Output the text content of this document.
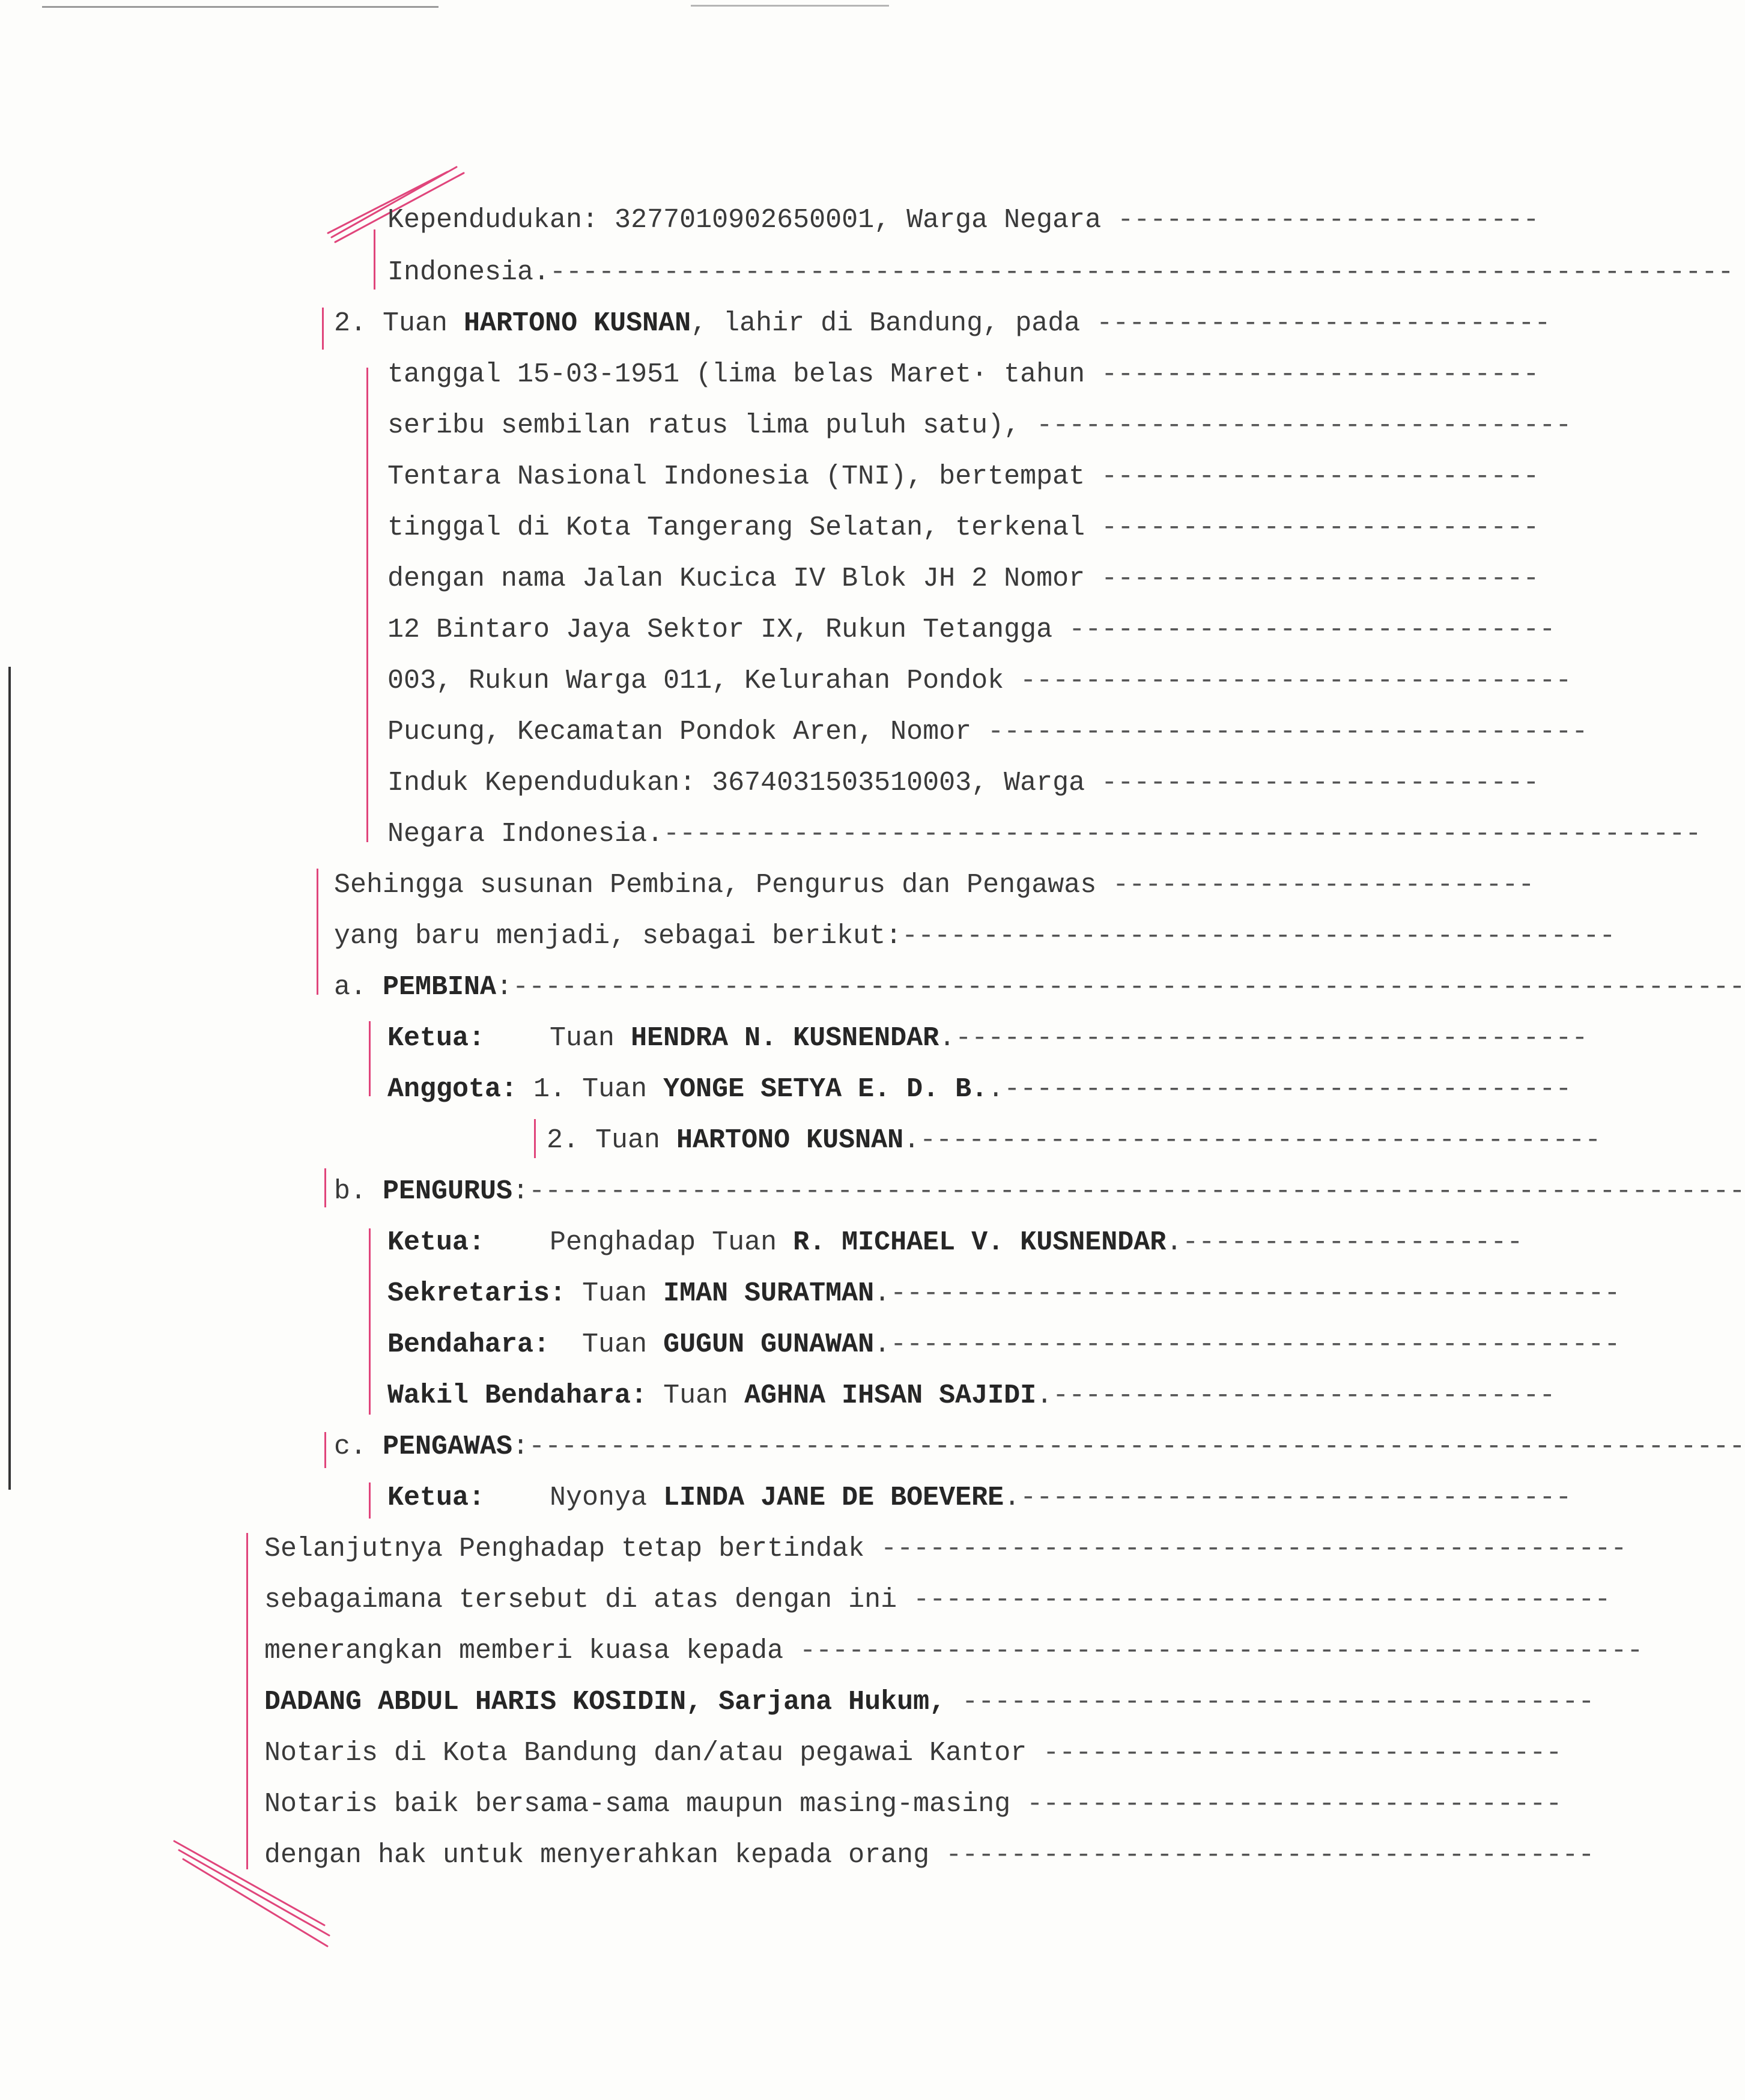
Kependudukan: 3277010902650001, Warga Negara --------------------------
Indonesia.-------------------------------------------------------------------------
2. Tuan HARTONO KUSNAN, lahir di Bandung, pada ----------------------------
tanggal 15-03-1951 (lima belas Maret· tahun ---------------------------
seribu sembilan ratus lima puluh satu), ---------------------------------
Tentara Nasional Indonesia (TNI), bertempat ---------------------------
tinggal di Kota Tangerang Selatan, terkenal ---------------------------
dengan nama Jalan Kucica IV Blok JH 2 Nomor ---------------------------
12 Bintaro Jaya Sektor IX, Rukun Tetangga ------------------------------
003, Rukun Warga 011, Kelurahan Pondok ----------------------------------
Pucung, Kecamatan Pondok Aren, Nomor -------------------------------------
Induk Kependudukan: 3674031503510003, Warga ---------------------------
Negara Indonesia.----------------------------------------------------------------
Sehingga susunan Pembina, Pengurus dan Pengawas --------------------------
yang baru menjadi, sebagai berikut:--------------------------------------------
a. PEMBINA:----------------------------------------------------------------------------
Ketua:    Tuan HENDRA N. KUSNENDAR.---------------------------------------
Anggota: 1. Tuan YONGE SETYA E. D. B..-----------------------------------
2. Tuan HARTONO KUSNAN.------------------------------------------
b. PENGURUS:---------------------------------------------------------------------------
Ketua:    Penghadap Tuan R. MICHAEL V. KUSNENDAR.---------------------
Sekretaris: Tuan IMAN SURATMAN.---------------------------------------------
Bendahara:  Tuan GUGUN GUNAWAN.---------------------------------------------
Wakil Bendahara: Tuan AGHNA IHSAN SAJIDI.-------------------------------
c. PENGAWAS:---------------------------------------------------------------------------
Ketua:    Nyonya LINDA JANE DE BOEVERE.----------------------------------
Selanjutnya Penghadap tetap bertindak ----------------------------------------------
sebagaimana tersebut di atas dengan ini -------------------------------------------
menerangkan memberi kuasa kepada ----------------------------------------------------
DADANG ABDUL HARIS KOSIDIN, Sarjana Hukum, ---------------------------------------
Notaris di Kota Bandung dan/atau pegawai Kantor --------------------------------
Notaris baik bersama-sama maupun masing-masing ---------------------------------
dengan hak untuk menyerahkan kepada orang ----------------------------------------
